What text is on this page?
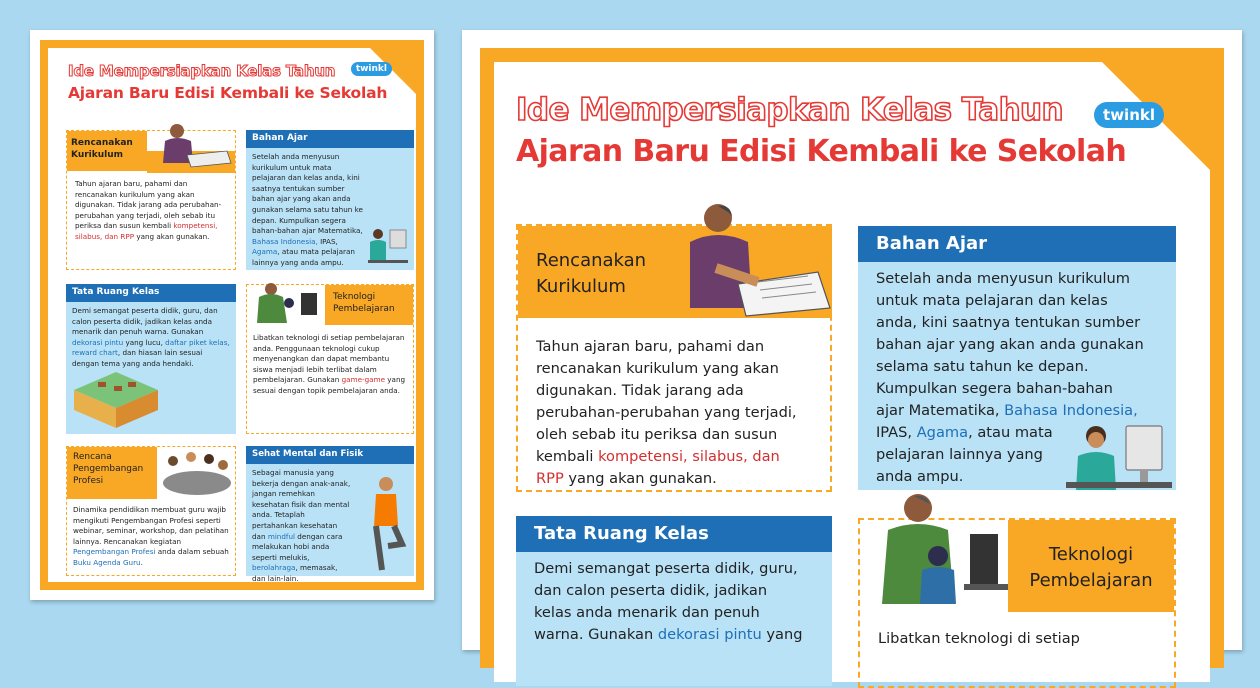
Ide Mempersiapkan Kelas Tahun
Ajaran Baru Edisi Kembali ke Sekolah
twinkl
Rencanakan
Kurikulum
Tahun ajaran baru, pahami dan rencanakan kurikulum yang akan digunakan. Tidak jarang ada perubahan-perubahan yang terjadi, oleh sebab itu periksa dan susun kembali kompetensi, silabus, dan RPP yang akan gunakan.
Bahan Ajar
Setelah anda menyusun kurikulum untuk mata pelajaran dan kelas anda, kini saatnya tentukan sumber bahan ajar yang akan anda gunakan selama satu tahun ke depan. Kumpulkan segera bahan-bahan ajar Matematika, Bahasa Indonesia, IPAS, Agama, atau mata pelajaran lainnya yang anda ampu.
Tata Ruang Kelas
Demi semangat peserta didik, guru, dan calon peserta didik, jadikan kelas anda menarik dan penuh warna. Gunakan dekorasi pintu yang lucu, daftar piket kelas, reward chart, dan hiasan lain sesuai dengan tema yang anda hendaki.
Teknologi
Pembelajaran
Libatkan teknologi di setiap pembelajaran anda. Penggunaan teknologi cukup menyenangkan dan dapat membantu siswa menjadi lebih terlibat dalam pembelajaran. Gunakan game-game yang sesuai dengan topik pembelajaran anda.
Rencana
Pengembangan
Profesi
Dinamika pendidikan membuat guru wajib mengikuti Pengembangan Profesi seperti webinar, seminar, workshop, dan pelatihan lainnya. Rencanakan kegiatan Pengembangan Profesi anda dalam sebuah Buku Agenda Guru.
Sehat Mental dan Fisik
Sebagai manusia yang bekerja dengan anak-anak, jangan remehkan kesehatan fisik dan mental anda. Tetaplah pertahankan kesehatan dan mindful dengan cara melakukan hobi anda seperti melukis, berolahraga, memasak, dan lain-lain.
Ide Mempersiapkan Kelas Tahun
Ajaran Baru Edisi Kembali ke Sekolah
twinkl
Rencanakan
Kurikulum
Tahun ajaran baru, pahami dan
rencanakan kurikulum yang akan
digunakan. Tidak jarang ada
perubahan-perubahan yang terjadi,
oleh sebab itu periksa dan susun
kembali kompetensi, silabus, dan
RPP yang akan gunakan.
Bahan Ajar
Setelah anda menyusun kurikulum
untuk mata pelajaran dan kelas
anda, kini saatnya tentukan sumber
bahan ajar yang akan anda gunakan
selama satu tahun ke depan.
Kumpulkan segera bahan-bahan
ajar Matematika, Bahasa Indonesia,
IPAS, Agama, atau mata
pelajaran lainnya yang
anda ampu.
Tata Ruang Kelas
Demi semangat peserta didik, guru,
dan calon peserta didik, jadikan
kelas anda menarik dan penuh
warna. Gunakan dekorasi pintu yang
Teknologi
Pembelajaran
Libatkan teknologi di setiap
